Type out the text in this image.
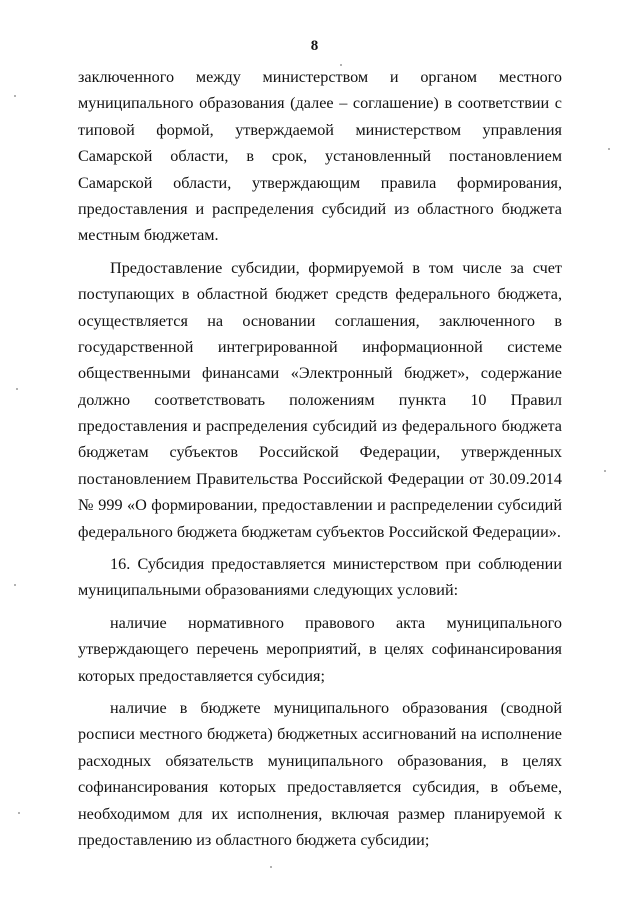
8
заключенного между министерством и органом местного
муниципального образования (далее – соглашение) в соответствии с
типовой формой, утверждаемой министерством управления
Самарской области, в срок, установленный постановлением
Самарской области, утверждающим правила формирования,
предоставления и распределения субсидий из областного бюджета
местным бюджетам.
Предоставление субсидии, формируемой в том числе за счет
поступающих в областной бюджет средств федерального бюджета,
осуществляется на основании соглашения, заключенного в
государственной интегрированной информационной системе
общественными финансами «Электронный бюджет», содержание
должно соответствовать положениям пункта 10 Правил
предоставления и распределения субсидий из федерального бюджета
бюджетам субъектов Российской Федерации, утвержденных
постановлением Правительства Российской Федерации от 30.09.2014
№ 999 «О формировании, предоставлении и распределении субсидий
федерального бюджета бюджетам субъектов Российской Федерации».
16. Субсидия предоставляется министерством при соблюдении
муниципальными образованиями следующих условий:
наличие нормативного правового акта муниципального
утверждающего перечень мероприятий, в целях софинансирования
которых предоставляется субсидия;
наличие в бюджете муниципального образования (сводной
росписи местного бюджета) бюджетных ассигнований на исполнение
расходных обязательств муниципального образования, в целях
софинансирования которых предоставляется субсидия, в объеме,
необходимом для их исполнения, включая размер планируемой к
предоставлению из областного бюджета субсидии;
